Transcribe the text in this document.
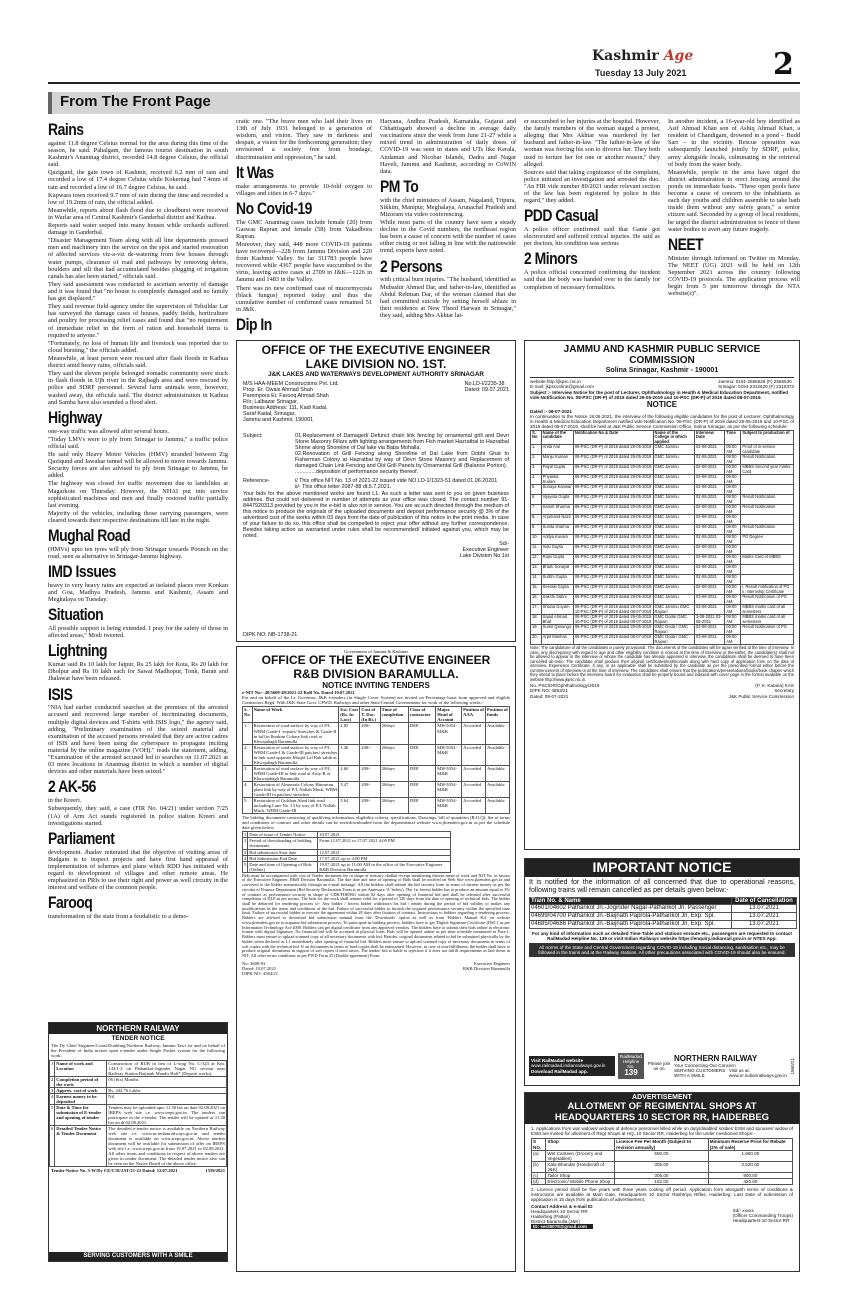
Kashmir Age
Tuesday 13 July 2021	2
From The Front Page
Rains

against 11.8 degree Celsius normal for the area during this time of the season, he said. Pahalgam, the famous tourist destination in south Kashmir's Anantnag district, recorded 14.8 degree Celsius, the official said.

Qazigund, the gate town of Kashmir, received 6.2 mm of rain and recorded a low of 17.4 degree Celsius while Kokernag had 7.4mm of rain and recorded a low of 16.7 degree Celsius, he said.

Kupwara town received 9.7 mm of rain during the time and recorded a low of 19.2mm of rain, the official added.

Meanwhile, reports about flash flood due to cloudburst were received in Warlar area of Central Kashmir's Ganderbal district and Kathua.

Reports said water seeped into many houses while orchards suffered damage in Ganderbal.

"Disaster Management Team along with all line departments pressed men and machinery into the service on the spot and started restoration of affected services viz-a-viz de-watering from few houses through water pumps, clearance of road and pathways by removing debris, boulders and silt that had accumulated besides plugging of irrigation canals has also been started," officials said.

They said assessment was conducted to ascertain severity of damage and it was found that "no house is completely damaged and no family has got displaced."

They said revenue field agency under the supervision of Tehsildar Lar has surveyed the damage cases of houses, paddy fields, horticulture and poultry for processing relief cases and found that "no requirement of immediate relief in the form of ration and household items is required to anyone."

"Fortunately, no loss of human life and livestock was reported due to cloud bursting," the officials added.

Meanwhile, at least person were rescued after flash floods in Kathua district amid heavy rains, officials said.

They said the eleven people belonged nomadic community were stuck in flash floods in Ujh river in the Rajbagh area and were rescued by police and SDRF personnel. Several farm animals were, however, washed away, the officials said. The district administration in Kathua and Samba have also sounded a flood alert.

Highway

one-way traffic was allowed after several hours.

"Today LMVs were to ply from Srinagar to Jammu," a traffic police official said.

He said only Heavy Motor Vehicles (HMV) stranded between Zig Qaziqund and Jawahar tunnel will be allowed to move towards Jammu. Security forces are also advised to ply from Srinagar to Jammu, he added.

The highway was closed for traffic movement due to landslides at Magarkote on Thursday. However, the NHAI put into service sophisticated machines and men and finally restored traffic partially last evening.

Majority of the vehicles, including those carrying passengers, were cleared towards their respective destinations till late in the night.

Mughal Road

(HMVs) upto ten tyres will ply from Srinagar towards Poonch on the road, seen as alternative to Srinagar-Jammu highway.

IMD Issues

heavy to very heavy rains are expected at isolated places over Konkan and Goa, Madhya Pradesh, Jammu and Kashmir, Assam and Meghalaya on Tuesday.

Situation

All possible support is being extended. I pray for the safety of those in affected areas," Modi tweeted.

Lightning

Kumar said Rs 10 lakh for Jaipur, Rs 25 lakh for Kota, Rs 20 lakh for Dholpur and Rs 10 lakh each for Sawai Madhopur, Tonk, Baran and Jhalawar have been released.

ISIS

"NIA had earlier conducted searches at the premises of the arrested accused and recovered large number of incriminating documents, multiple digital devices and T-shirts with ISIS logo," the agency said, adding, "Preliminary examination of the seized material and examination of the accused persons revealed that they are active cadres of ISIS and have been using the cyberspace to propagate inciting material by the online magazine (VOH)." reads the statement, adding, "Examination of the arrested accused led to searches on 11.07.2021 at 03 more locations in Anantnag district in which a number of digital devices and other materials have been seized."

2 AK-56

in the Kreeri.

Subsequently, they said, a case (FIR No. 04/21) under section 7/25 (1A) of Arm Act stands registered in police station Kreeri and investigations started.

Parliament

development. Jhadav reiterated that the objective of visiting areas of Budgam is to inspect projects and have first hand appraisal of implementation of schemes and plans which RDD has initiated with regard to development of villages and other remote areas. He emphasized on PRIs to use their right and power as well circuity in the interest and welfare of the common people.

Farooq

transformation of the state from a feudalistic to a demo-

cratic one. "The brave men who laid their lives on 13th of July 1931 belonged to a generation of wisdom, and vision. They saw in darkness and despair, a vision for the forthcoming generation; they envisioned a society free from bondage, discrimination and oppression," he said.

It Was

make arrangements to provide 10-fold oxygen to villages and cities in 6-7 days."

No Covid-19

The GMC Anantnag cases include female (20) from Gaswas Rapran and female (58) from Yakadbora Rapran.

Moreover, they said, 448 more COVID-19 patients have recovered—228 from Jammu Division and 220 from Kashmir Valley. So far 311783 people have recovered while 4367 people have succumbed to the virus, leaving active cases at 2709 in J&K—1226 in Jammu and 1483 in the Valley.

There was no new confirmed case of mucormycosis (black fungus) reported today and thus the cumulative number of confirmed cases remained 51 in J&K.

Dip In

Haryana, Andhra Pradesh, Karnataka, Gujarat and Chhattisgarh showed a decline in average daily vaccinations since the week from June 21-27 while a mixed trend in administration of daily doses of COVID-19 was seen in states and UTs like Kerala, Andaman and Nicobar Islands, Dadra and Nagar Haveli, Jammu and Kashmir, according to CoWIN data.

PM To

with the chief ministers of Assam, Nagaland, Tripura, Sikkim, Manipur, Meghalaya, Arunachal Pradesh and Mizoram via video conferencing.

While most parts of the country have seen a steady decline in the Covid numbers, the northeast region has been a cause of concern with the number of cases either rising or not falling in line with the nationwide trend, experts have noted.

2 Persons

with critical burn injuries. "The husband, identified as Mubashir Ahmed Dar, and father-in-law, identified as Abdul Rehman Dar, of the woman claimed that she had committed suicide by setting herself ablaze in their residence at New Theed Harwan in Srinagar," they said, adding Mrs Akhtar lat-

er succumbed to her injuries at the hospital. However, the family members of the woman staged a protest, alleging that Mrs Akhtar was murdered by her husband and father-in-law. "The father-in-law of the woman was forcing his son to divorce her. They both used to torture her for one or another reason," they alleged.

Sources said that taking cognizance of the complaint, police initiated an investigation and arrested the duo. "An FIR vide number 89/2021 under relevant section of the law has been registered by police in this regard," they added.

PDD Casual

A police officer confirmed said that Ganie got electrocuted and suffered critical injuries. He said as per doctors, his condition was serious

2 Minors

A police official concerned confirming the incident said that the body was handed over to the family for completion of necessary formalities.

In another incident, a 16-year-old boy identified as Asif Ahmad Khan son of Ashiq Ahmad Khan, a resident of Chandigam, drowned in a pond – Budd Sarr – in the vicinity. Rescue operation was subsequently launched jointly by SDRF, police, army alongside locals, culminating in the retrieval of body from the water body.

Meanwhile, people in the area have urged the district administration to erect fencing around the ponds on immediate basis. "These open pools have become a cause of concern to the inhabitants as each day youths and children assemble to take bath inside them without any safety gears," a senior citizen said. Seconded by a group of local residents, he urged the district administration to fence of these water bodies to avert any future tragedy.

NEET

Minister through informed on Twitter on Monday. The NEET (UG) 2021 will be held on 12th September 2021 across the country following COVID-19 protocols. The application process will begin from 5 pm tomorrow through the NTA website(s)".

NORTHERN RAILWAY
TENDER NOTICE
The Dy Chief Engineer/Const/Doubling/Northern Railway, Jammu Tawi for and on behalf of the President of India invites open e-tender under Single Packet system for the following work:
1	Name of work and Location	Construction of RUB in lieu of L-xing No. C-323 at Km. 143/1-2 on Pathankot-Joginder Nagar NG section near Railway Station Baijnath Mandir Halt* (Deposit works).
2	Completion period of the work	06 (Six) Months
3	Approx. cost of work	Rs. 442.76 Lakhs
4	Earnest money to be deposited	Nil
5	Date & Time for submission of E-tender and opening of tender	Tenders may be uploaded upto 11.30 hrs on date 02.08.2021 on IREPS web site i.e. www.ireps.gov.in. The tenders can participate in the e-tender. The tender will be opened at 11.30 hrs on dt 02.08.2021.
6	Detailed Tender Notice & Tender Document	The detailed e-tender notice is available on Northern Railway web site i.e. www.nr.indianrailways.gov.in and tender document is available on www.ireps.gov.in. Above tenders document will be available for submission of offer on IREPS web site i.e. www.ireps.gov.in from 19.07.2021 to 02.08.2021. All other terms and conditions in respect of above tenders are given in tender document. The detailed tender notice also can be seen on the Notice Board of the above office.
Tender Notice No. 3-W/Dy CE/C/D/JAT/21-22 Dated: 12.07.2021	1559/2021
SERVING CUSTOMERS WITH A SMILE
OFFICE OF THE EXECUTIVE ENGINEER
LAKE DIVISION NO. 1ST.
J&K LAKES AND WATERWAYS DEVELOPMENT AUTHORITY SRINAGAR
M/S HAA-MEEM Constructions Pvt. Ltd.
Prop. Er. Owais Ahmad Shah
Parempora Er. Farooq Ahmad Shah
R/o; Lalbazar Srinagar,
Business Address: 111, Kadi Kadal,
Saraf Kadal, Srinagar,
Jammu and Kashmir, 190001
No.LD-I/2235-38
Dated: 09.07.2021
Subject:	01.Replacement of Damaged/ Defunct chain link fencing by ornamental grill and Devri Stone Masonry Fillars with lighting arrangements from Fish market Hazratbal to Hazratbal Shrine along Shoreline of Dal lake via Baba Mohalla.

02.Renovation of Grill Fencing along Shoreline of Dal Lake from Dobhi Ghat to Fisherman Colony at Hazratbal by way of Devri Stone Masonry and Replacement of damaged Chain Link Fencing and Old Grill Panels by Ornamental Grill (Balance Portion).

..............deposition of performance security thereof.

Reference-	i/ This office NIT No. 13 of 2021-22 issued vide NO.LD-1/1323-51 dated 01.06.20201

ii/- This office letter 2087-88 dt.5.7.2021.

Your bids for the above mentioned works are found L1. As such a letter was sent to you on given business address. But could not delivered in number of attempts as your office was closed. The contact number 91-8447920313 provided by you in the e-bid is also not in service. You are as such directed through the medium of this notice to produce the originals of the uploaded documents and deposit performance security @ 3% of the advertised cost of the works within 03 days from the date of publication of this notice in the print media. In case of your failure to do so, this office shall be compelled to reject your offer without any further correspondence. Besides taking action as warranted under rules shall be recommended/ initiated against you, which may be noted.
Sd/-
Executive Engineer
Lake Division No.1st
DIPK NO: NB-1738-21
Government of Jammu & Kashmir
OFFICE OF THE EXECUTIVE ENGINEER
R&B DIVISION BARAMULLA.
NOTICE INVITING TENDERS
e-NIT No:- 48/5609-49/2021-22 RoB No. Dated 10.07.2021
For and on behalf of the Lt. Governor, J&K e-tenders (in Single Cover System) are invited on Percentage basis from approved and eligible Contractors Regd. With J&K State Govt. CPWD, Railways and other State/Central Governments for work of the following works:-
S. No	Name of Work	Est. Cost (Rs. In Lacs)	Cost of T. Doc. (In Rs.)	Time of completion	Class of contractor	Major Head of Account	Position of AAA	Position of funds
1.	Restoration of road surface by way of P/L WBM Grade-I /repairs/ Stretches & Grade-II in full in Ibrahim Colony link road at Khwajabagh Baramulla	2.85	200/-	20days	DEE	MH-5054-M&R	Accorded	Available
2.	Restoration of road surface by way of P/L WBM Grade-I & Grade-III patches/ stretches in link road opposite Masjid Lal Bab sahib at Khwajabagh Baramulla	1.36	200/-	20days	DEE	MH-5054-M&R	Accorded	Available
3.	Restoration of road surface by way of P/L WBM Grade-III in link road at Artty-B at Khawajabagh Baramulla	2.60	200/-	20days	DEE	MH-5054-M&R	Accorded	Available
4.	Restoration of Almastafa Colony Hitnurtan plant link by way of P/L Nallah Mack, WBM Grade-III in patches/ stretches	3.47	200/-	20days	DEE	MH-5054-M&R	Accorded	Available
5.	Restoration of Gulshan Abad link road including Lane No. 13 by way of P/L Nallah Muck, WBM Grade-III	3.64	200/-	20days	DEE	MH-5054-M&R	Accorded	Available
The bidding documents consisting of qualifying information, eligibility criteria, specifications, Drawings, bill of quantities (B.O.Q), Set of terms and conditions of contract and other details can be seen/downloaded from the departmental website www.jktenders.gov.in as per the schedule date given below:
1	Date of issue of Tender Notice	10.07.2021
2	Period of downloading of bidding documents	From 12.07.2021 to 17.07.2021 4:00 PM
3	Bid submission Start date	12.07.2021
4	Bid Submission End Date	17.07.2021 up to 4:00 PM
5	Date and time of Opening of Bids (Online)	19.07.2021 up to 11:00 AM in the office of the Executive Engineer R&B Division Baramulla
Bids must be accompanied with cost of Tender document fee in shape of treasury challan receipt mentioning therein name of work and NIT No. in favour of the Executive Engineer, R&B Division Baramulla. The due date and time of opening of Bids shall be notified on Web Site www.jktenders.gov.in and conveyed to the bidder automatically through an e-mail message. All the bidders shall submit the bid security form in terms of earnest money as per the circular of Finance Department (Bid Security Declaration Form is as per Annexure 'A' below). The 1st lowest bidder has to produce an amount equal to 3% of contract as performance security in shape of CDR/FDR/BG within 02 days after opening of financial bid and shall be released after successful completion of DLP as per norms. The bids for the work shall remain valid for a period of 120 days from the date of opening of technical bids. The bidder shall be debarred for tendering process if:- Any bidder / lowest bidder withdraws his bid / tender during the period of bid validity or makes any modifications in the terms and conditions of the bid. Failure of successful bidder to furnish the required performance security within the specified time limit. Failure of successful bidder to execute the agreement within 28 days after fixation of contract. Instructions to bidders regarding e-tendering process. Bidders are advised to download bid submission manual from the 'Downloads' option as well as from 'Bidders Manual Kit' on website www.jktenders.gov.in to acquaint bid submission process. To participate in bidding process, bidders have to get 'Digital Signature Certificate (DSC)' as per Information Technology Act-2000. Bidders can get digital certificate from any approved vendors. The bidders have to submit their bids online in electronic format with digital Signature. No financial bid will be accepted in physical form. Bids will be opened online as per time schedule mentioned in Para-1. Bidders must ensure to upload scanned copy of all necessary documents with bid. Besides, original documents related to bid be submitted physically by the bidder when declared as L1 immediately after opening of financial bid. Bidders must ensure to upload scanned copy of necessary documents in terms of soft copies with the technical bid. If on documents in terms of hard copies shall be entertained. However, in case of non-fulfillment, the bidder shall have to produce original documents in support of soft copies if need arises. The tender/ bid is liable to rejection if it does not fulfill requirements as laid down in NIT. All other terms conditions as per PWD Form 25 (Double agreement) Form.
No: 3608-93
Dated: 10.07.2021
DIPK NO: 4584/21
Executive Engineer
R&B Division Baramulla
JAMMU AND KASHMIR PUBLIC SERVICE COMMISSION
Solina Srinagar, Kashmir - 190001
website:http://jkpsc.nic.in
E-mail: jkpsconline@gmail.com
Jammu: 0191-2566528 (F) 2566530
Srinagar: 0194-2312629 (F) 2310373
Subject :- Interview Notice for the post of Lecturer, Ophthalmology in Health & Medical Education Department, notified vide Notification No. 08-PSC (DR-P) of 2019 dated 29-05-2019 and 10-PSC (DR-P) of 2019 dated 08-07-2019.
NOTICE
Dated :- 09-07-2021
In continuation to the Notice 18.06.2021, the interview of the following eligible candidates for the post of Lecturer, Ophthalmology in Health & Medical Education Department notified vide Notification No. 08-PSC (DR-P) of 2019 dated 29-05-2019 and 10-PSC of 2019 dated 08-07-2019, shall be held at J&K Public Service Commission Office, Solina Srinagar, as per the following schedule:
S. No	Name of the candidate	Notification No & Date	Name of the College in which applied	Interview Date	Time	Subject to production of
1.	Anita Arul	08-PSC (DR-P) of 2019 dated 29-05-2019	GMC Jammu	02-08-2021	09:00 AM	Proof of in-service candidate
2.	Manju Kumari	08-PSC (DR-P) of 2019 dated 29-05-2019	GMC Jammu	02-08-2021	09:00 AM	Result Notification
3.	Payal Gupta	08-PSC (DR-P) of 2019 dated 29-05-2019	GMC Jammu	02-08-2021	09:00 AM	MBBS Second year marks Card
4.	Priyanka Sodani	08-PSC (DR-P) of 2019 dated 29-05-2019	GMC Jammu	02-08-2021	09:00 AM	
5.	Sunaya Kanwar	08-PSC (DR-P) of 2019 dated 29-05-2019	GMC Jammu	02-08-2021	09:00 AM	
6.	Vijayeta Gupta	08-PSC (DR-P) of 2019 dated 29-05-2019	GMC Jammu	02-08-2021	09:00 AM	Result Notification
7.	Samrit Sharma	08-PSC (DR-P) of 2019 dated 29-05-2019	GMC Jammu	02-08-2021	09:00 AM	Result Notification
8.	Arjumand Nazir	08-PSC (DR-P) of 2019 dated 29-05-2019	GMC Jammu	02-08-2021	09:00 AM	
9.	Sunita sharma	08-PSC (DR-P) of 2019 dated 29-05-2019	GMC Jammu	02-08-2021	09:00 AM	Result Notification
10.	Aditya Kuvam	08-PSC (DR-P) of 2019 dated 29-05-2019	GMC Jammu	02-08-2021	09:00 AM	PG Degree
11.	Indu Gupta	08-PSC (DR-P) of 2019 dated 29-05-2019	GMC Jammu	02-08-2021	09:00 AM	
12.	Rajni Gupta	08-PSC (DR-P) of 2019 dated 29-05-2019	GMC Jammu	02-08-2021	09:00 AM	Marks Card of MBBS
13.	Bharti Sonayal	08-PSC (DR-P) of 2019 dated 29-05-2019	GMC Jammu	02-08-2021	09:00 AM	
14.	Surbhi Gupta	08-PSC (DR-P) of 2019 dated 29-05-2019	GMC Jammu	02-08-2021	09:00 AM	
15.	Seeraki Gupta	08-PSC (DR-P) of 2019 dated 29-05-2019	GMC Jammu	02-08-2021	09:00 AM	i. Result notification of PG ii. Internship Certificate
16.	Sakshi Sabni	08-PSC (DR-P) of 2019 dated 29-05-2019	GMC Jammu	03-08-2021	09:00 AM	Result Notification of PG
17.	Shazia Goyam	08-PSC (DR-P) of 2019 dated 29-05-2019 10-PSC (DR-P) of 2019 dated 08-07-2019	GMC Jammu GMC Rajouri	03-08-2021	09:00 AM	MBBS marks card of all semesters
18.	Sajad Ahmad Bhat	08-PSC (DR-P) of 2019 dated 29-05-2019 10-PSC (DR-P) of 2019 dated 08-07-2019	GMC Doda/ GMC Rajouri	3-08-2021 03-08-2021	09:00 AM	MBBS marks card of all semesters
19.	Sumit Qanungo	08-PSC (DR-P) of 2019 dated 29-05-2019	GMC Doda / GMC Rajouri	03-08-2021	09:00 AM	Result Notification of PG
20.	Arpit Manhas	08-PSC (DR-P) of 2019 dated 08-07-2019	GMC Doda / GMC Rajouri	03-08-2021	09:00 AM	
Note: The candidature of all the candidates is purely provisional. The documents of the candidates will be again verified at the time of interview. In case, any discrepancy with regard to age and other eligibility condition is noticed at the time of interview or thereafter, the candidate(s) shall not be allowed to appear in the interview or whose the candidate has already appeared in interview, the candidature shall be deemed to have been cancelled ab-initio. The candidate shall produce their original certificates/testimonials along with hard copy of application form on the date of interview. Experience Certificate, if any, or as applicable shall be submitted by the candidate as per the prescribed format either before the commencement of interview or at the time of interview. The candidates shall ensure that the publications/presentations/books/book chapter which they intend to place before the interview board for evaluation shall be properly bound and indexed with cover page in the format available on the website http://www.jkpsc.nic.in.
No. PSC/DR/Ophthalmology/2019
DIPK NO: 4853/21
Dated: 09-07-2021
(P. K. Kataria) KAS
Secretary
J&K Public Service Commission
IMPORTANT NOTICE
It is notified for the information of all concerned that due to operational reasons, following trains will remain cancelled as per details given below:-
Train No. & Name	Date of Cancellation
04601/04602 Pathankot Jn.-Joginder Nagar-Pathankot Jn. Passenger	13.07.2021
04699/04700 Pathankot Jn.-Baijnath Paprola-Pathankot Jn. Exp. Spl.	13.07.2021
04685/04686 Pathankot Jn.-Baijnath Paprola-Pathankot Jn. Exp. Spl.	13.07.2021
For any kind of information such as detailed Time-Table and stations enroute etc., passengers are requested to contact RailMadad Helpline No. 139 or visit Indian Railways website https://enquiry.indianrail.gov.in or NTES App.
All norms of the State and Central Government regarding COVID-19 including Social distancing, sanitisation etc., may be followed in the trains and at the Railway stations. All other precautions associated with COVID-19 should also be ensured.
Visit RailMadad website
www.railmadad.indianrailways.gov.in
Download RailMadad app.
RailMadad Helpline No.
139
Please join us on
NORTHERN RAILWAY
Your Connecting-Our Concern
SERVING CUSTOMERS WITH A SMILE
Visit us at: www.nr.indianrailways.gov.in
1560/21
ADVERTISEMENT
ALLOTMENT OF REGIMENTAL SHOPS AT
HEADQUARTERS 10 SECTOR RR, HAIDERBEG
1. Applications from war widows/ widows of defence personnel killed while on duty/disabled soldier/ ESM and spouses/ widow of ESM are invited for allotment of Regt Shops at HQ, 10 Sector RR, Haiderbeg for the under mentioned Shops:-
S NO.	Shop	Licence Fee Per Month (Subject to revision annually)	Minimum Reserve Price for Rebate (2% of sale)
(a)	Wet Canteen (Grocery and Vegetables)	550.00	1,960.00
(b)	Kala Bhandar (Handicraft of J&K)	305.00	2,520.00
(c)	Tailor Shop	305.00	900.00
(d)	Electronic/ Mobile Phone Shop	152.00	420.00
2. Licence period shall be five years with three years cooling off period. Application form alongwith terms of conditions & instructions are available at Main Gate, Headquarters 10 Sector Rashtriya Rifles, Haiderbeg. Last Date of submission of application is 15 days from publication of advertisement.
Contact Address & e-mail ID
Headquarters 10 Sector RR
Haiderbeg (Pattan)
District-Baramulla (J&K)
ID: sect5078@gmail.com
Sd/- xxxxx
(Officer Commanding Troops)
Headquarters 10 Sector RR
